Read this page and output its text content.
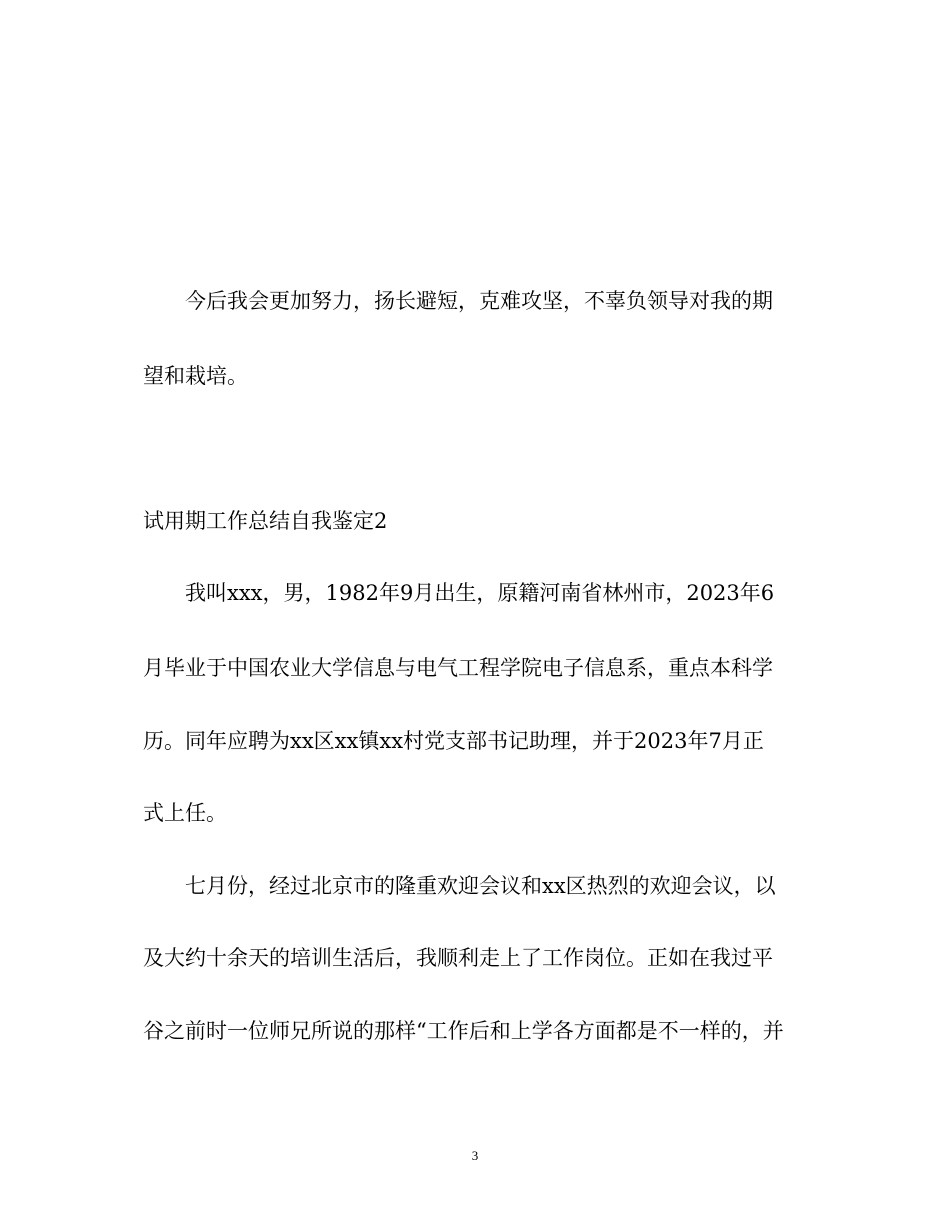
今后我会更加努力，扬长避短，克难攻坚，不辜负领导对我的期

望和栽培。

试用期工作总结自我鉴定2

我叫xxx，男，1982年9月出生，原籍河南省林州市，2023年6

月毕业于中国农业大学信息与电气工程学院电子信息系，重点本科学

历。同年应聘为xx区xx镇xx村党支部书记助理，并于2023年7月正

式上任。

七月份，经过北京市的隆重欢迎会议和xx区热烈的欢迎会议，以

及大约十余天的培训生活后，我顺利走上了工作岗位。正如在我过平

谷之前时一位师兄所说的那样“工作后和上学各方面都是不一样的，并

3
